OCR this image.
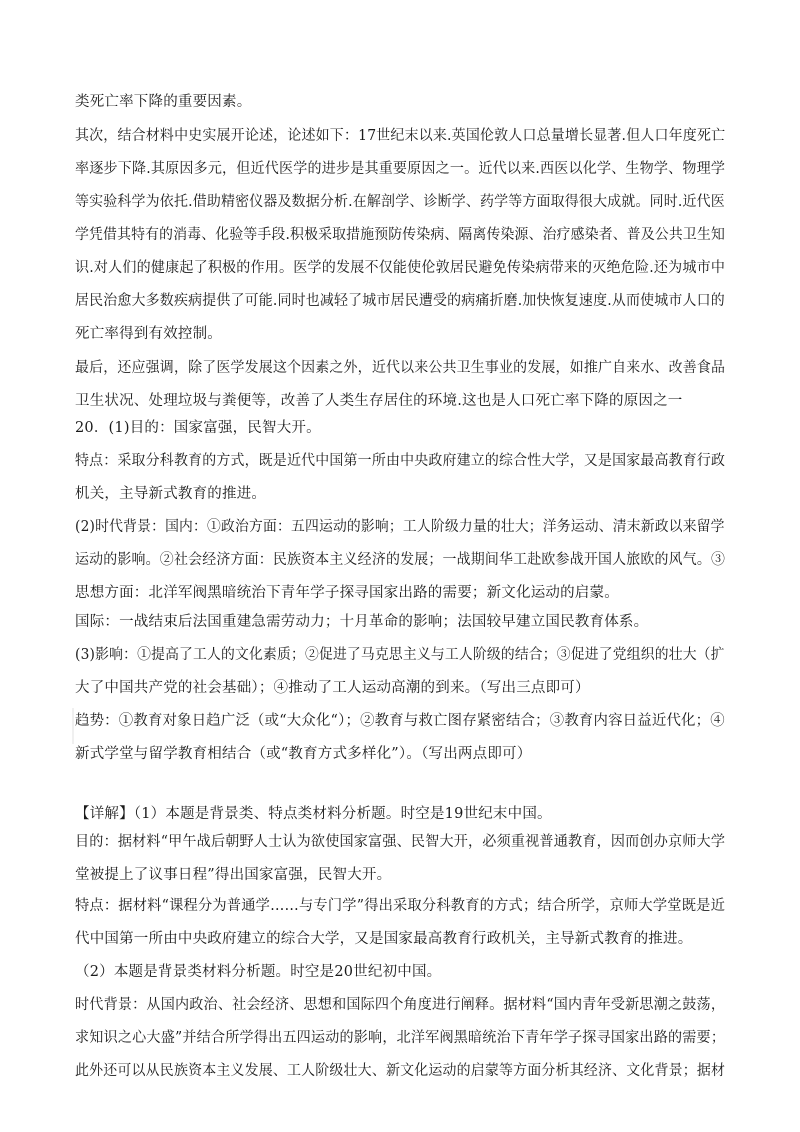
类死亡率下降的重要因素。
其次，结合材料中史实展开论述，论述如下：17世纪末以来.英国伦敦人口总量增长显著.但人口年度死亡
率逐步下降.其原因多元，但近代医学的进步是其重要原因之一。近代以来.西医以化学、生物学、物理学
等实验科学为依托.借助精密仪器及数据分析.在解剖学、诊断学、药学等方面取得很大成就。同时.近代医
学凭借其特有的消毒、化验等手段.积极采取措施预防传染病、隔离传染源、治疗感染者、普及公共卫生知
识.对人们的健康起了积极的作用。医学的发展不仅能使伦敦居民避免传染病带来的灭绝危险.还为城市中
居民治愈大多数疾病提供了可能.同时也减轻了城市居民遭受的病痛折磨.加快恢复速度.从而使城市人口的
死亡率得到有效控制。
最后，还应强调，除了医学发展这个因素之外，近代以来公共卫生事业的发展，如推广自来水、改善食品
卫生状况、处理垃圾与粪便等，改善了人类生存居住的环境.这也是人口死亡率下降的原因之一
20．(1)目的：国家富强，民智大开。
特点：采取分科教育的方式，既是近代中国第一所由中央政府建立的综合性大学，又是国家最高教育行政
机关，主导新式教育的推进。
(2)时代背景：国内：①政治方面：五四运动的影响；工人阶级力量的壮大；洋务运动、清末新政以来留学
运动的影响。②社会经济方面：民族资本主义经济的发展；一战期间华工赴欧参战开国人旅欧的风气。③
思想方面：北洋军阀黑暗统治下青年学子探寻国家出路的需要；新文化运动的启蒙。
国际：一战结束后法国重建急需劳动力；十月革命的影响；法国较早建立国民教育体系。
(3)影响：①提高了工人的文化素质；②促进了马克思主义与工人阶级的结合；③促进了党组织的壮大（扩
大了中国共产党的社会基础）；④推动了工人运动高潮的到来。（写出三点即可）
趋势：①教育对象日趋广泛（或“大众化“）；②教育与救亡图存紧密结合；③教育内容日益近代化；④
新式学堂与留学教育相结合（或“教育方式多样化”）。（写出两点即可）
【详解】（1）本题是背景类、特点类材料分析题。时空是19世纪末中国。
目的：据材料“甲午战后朝野人士认为欲使国家富强、民智大开，必须重视普通教育，因而创办京师大学
堂被提上了议事日程”得出国家富强，民智大开。
特点：据材料“课程分为普通学……与专门学”得出采取分科教育的方式；结合所学，京师大学堂既是近
代中国第一所由中央政府建立的综合大学，又是国家最高教育行政机关，主导新式教育的推进。
（2）本题是背景类材料分析题。时空是20世纪初中国。
时代背景：从国内政治、社会经济、思想和国际四个角度进行阐释。据材料“国内青年受新思潮之鼓荡，
求知识之心大盛”并结合所学得出五四运动的影响，北洋军阀黑暗统治下青年学子探寻国家出路的需要；
此外还可以从民族资本主义发展、工人阶级壮大、新文化运动的启蒙等方面分析其经济、文化背景；据材
